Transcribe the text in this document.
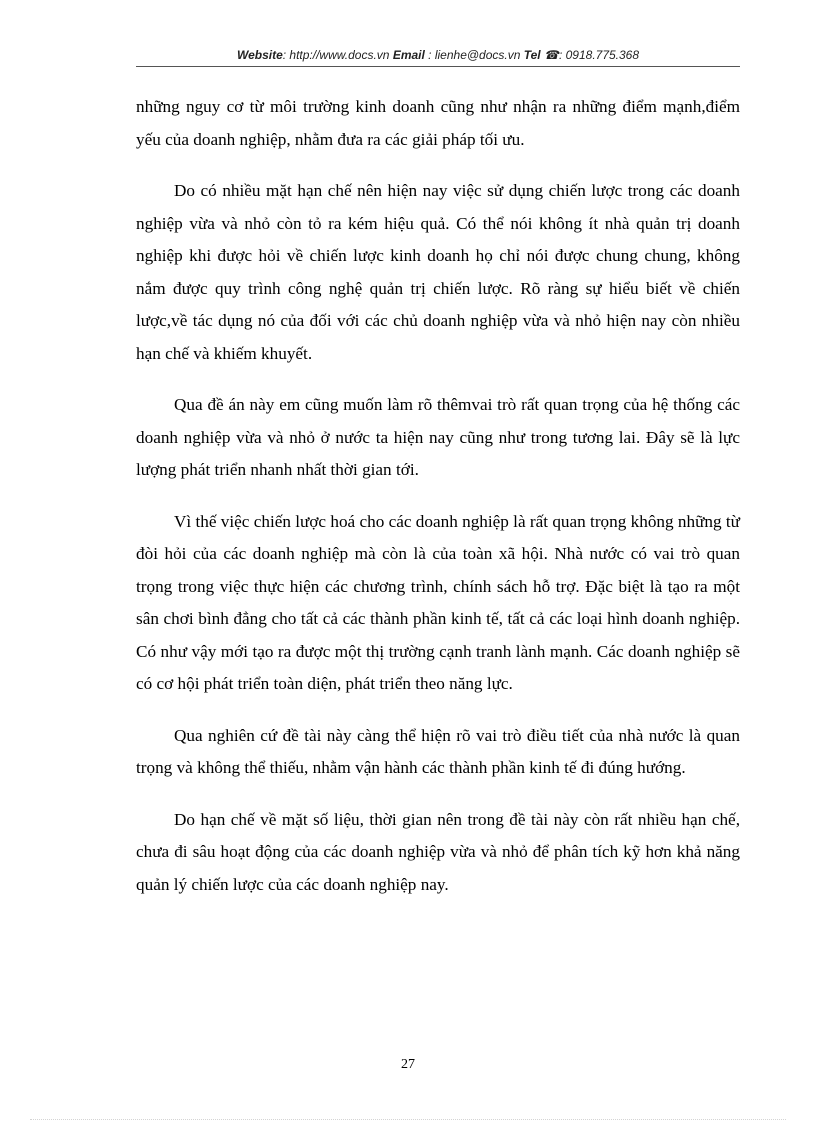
Website: http://www.docs.vn Email : lienhe@docs.vn Tel ☎: 0918.775.368

những nguy cơ từ môi trường kinh doanh cũng như nhận ra những điểm mạnh,điểm yếu của doanh nghiệp, nhằm đưa ra các giải pháp tối ưu.

Do có nhiều mặt hạn chế nên hiện nay việc sử dụng chiến lược trong các doanh nghiệp vừa và nhỏ còn tỏ ra kém hiệu quả. Có thể nói không ít nhà quản trị doanh nghiệp khi được hỏi về chiến lược kinh doanh họ chỉ nói được chung chung, không nắm được quy trình công nghệ quản trị chiến lược. Rõ ràng sự hiểu biết về chiến lược,về tác dụng nó của đối với các chủ doanh nghiệp vừa và nhỏ hiện nay còn nhiều hạn chế và khiếm khuyết.

Qua đề án này em cũng muốn làm rõ thêmvai trò rất quan trọng của hệ thống các doanh nghiệp vừa và nhỏ ở nước ta hiện nay cũng như trong tương lai. Đây sẽ là lực lượng phát triển nhanh nhất thời gian tới.

Vì thế việc chiến lược hoá cho các doanh nghiệp là rất quan trọng không những từ đòi hỏi của các doanh nghiệp mà còn là của toàn xã hội. Nhà nước có vai trò quan trọng trong việc thực hiện các chương trình, chính sách hỗ trợ. Đặc biệt là tạo ra một sân chơi bình đẳng cho tất cả các thành phần kinh tế, tất cả các loại hình doanh nghiệp. Có như vậy mới tạo ra được một thị trường cạnh tranh lành mạnh. Các doanh nghiệp sẽ có cơ hội phát triển toàn diện, phát triển theo năng lực.

Qua nghiên cứ đề tài này càng thể hiện rõ vai trò điều tiết của nhà nước là quan trọng và không thể thiếu, nhằm vận hành các thành phần kinh tế đi đúng hướng.

Do hạn chế về mặt số liệu, thời gian nên trong đề tài này còn rất nhiều hạn chế, chưa đi sâu hoạt động của các doanh nghiệp vừa và nhỏ để phân tích kỹ hơn khả năng quản lý chiến lược của các doanh nghiệp nay.

27
